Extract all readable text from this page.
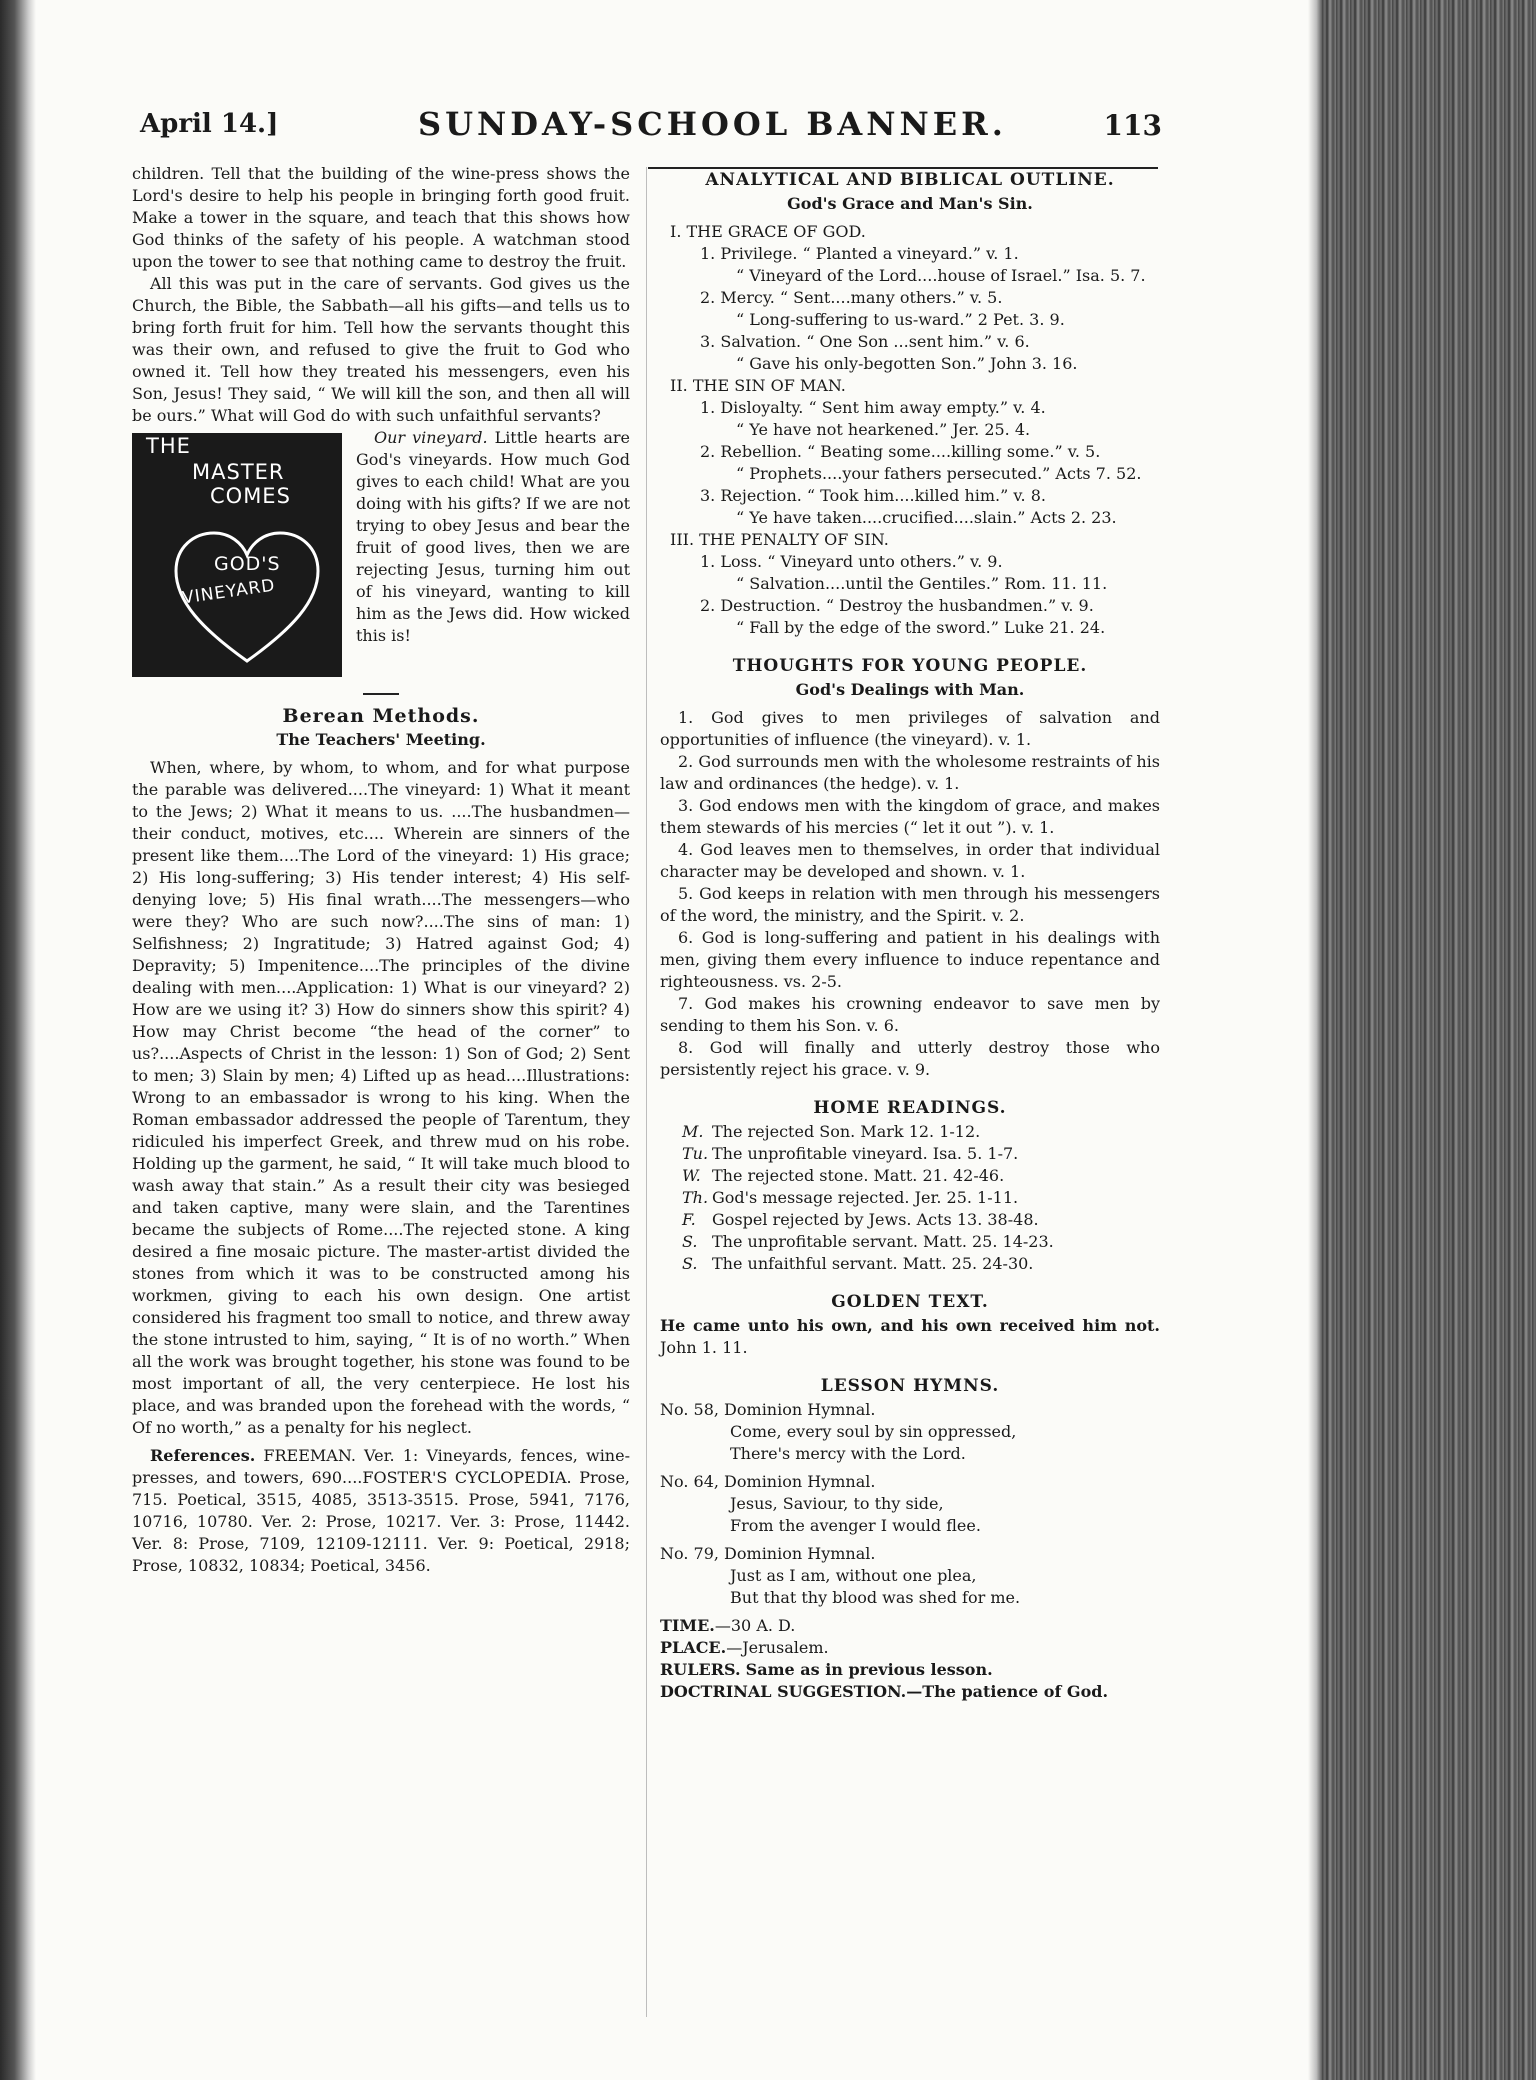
April 14.]	SUNDAY-SCHOOL BANNER.	113

children. Tell that the building of the wine-press shows the Lord's desire to help his people in bringing forth good fruit. Make a tower in the square, and teach that this shows how God thinks of the safety of his people. A watchman stood upon the tower to see that nothing came to destroy the fruit.

All this was put in the care of servants. God gives us the Church, the Bible, the Sabbath—all his gifts—and tells us to bring forth fruit for him. Tell how the servants thought this was their own, and refused to give the fruit to God who owned it. Tell how they treated his messengers, even his Son, Jesus! They said, “ We will kill the son, and then all will be ours.” What will God do with such unfaithful servants?

THE
MASTER
COMES
GOD'S
VINEYARD

Our vineyard. Little hearts are God's vineyards. How much God gives to each child! What are you doing with his gifts? If we are not trying to obey Jesus and bear the fruit of good lives, then we are rejecting Jesus, turning him out of his vineyard, wanting to kill him as the Jews did. How wicked this is!

Berean Methods.
The Teachers' Meeting.

When, where, by whom, to whom, and for what purpose the parable was delivered....The vineyard: 1) What it meant to the Jews; 2) What it means to us. ....The husbandmen—their conduct, motives, etc.... Wherein are sinners of the present like them....The Lord of the vineyard: 1) His grace; 2) His long-suffering; 3) His tender interest; 4) His self-denying love; 5) His final wrath....The messengers—who were they? Who are such now?....The sins of man: 1) Selfishness; 2) Ingratitude; 3) Hatred against God; 4) Depravity; 5) Impenitence....The principles of the divine dealing with men....Application: 1) What is our vineyard? 2) How are we using it? 3) How do sinners show this spirit? 4) How may Christ become “the head of the corner” to us?....Aspects of Christ in the lesson: 1) Son of God; 2) Sent to men; 3) Slain by men; 4) Lifted up as head....Illustrations: Wrong to an embassador is wrong to his king. When the Roman embassador addressed the people of Tarentum, they ridiculed his imperfect Greek, and threw mud on his robe. Holding up the garment, he said, “ It will take much blood to wash away that stain.” As a result their city was besieged and taken captive, many were slain, and the Tarentines became the subjects of Rome....The rejected stone. A king desired a fine mosaic picture. The master-artist divided the stones from which it was to be constructed among his workmen, giving to each his own design. One artist considered his fragment too small to notice, and threw away the stone intrusted to him, saying, “ It is of no worth.” When all the work was brought together, his stone was found to be most important of all, the very centerpiece. He lost his place, and was branded upon the forehead with the words, “ Of no worth,” as a penalty for his neglect.

References. FREEMAN. Ver. 1: Vineyards, fences, wine-presses, and towers, 690....FOSTER'S CYCLOPEDIA. Prose, 715. Poetical, 3515, 4085, 3513-3515. Prose, 5941, 7176, 10716, 10780. Ver. 2: Prose, 10217. Ver. 3: Prose, 11442. Ver. 8: Prose, 7109, 12109-12111. Ver. 9: Poetical, 2918; Prose, 10832, 10834; Poetical, 3456.

ANALYTICAL AND BIBLICAL OUTLINE.
God's Grace and Man's Sin.
I. THE GRACE OF GOD.
1. Privilege. “ Planted a vineyard.” v. 1.
“ Vineyard of the Lord....house of Israel.” Isa. 5. 7.
2. Mercy. “ Sent....many others.” v. 5.
“ Long-suffering to us-ward.” 2 Pet. 3. 9.
3. Salvation. “ One Son ...sent him.” v. 6.
“ Gave his only-begotten Son.” John 3. 16.
II. THE SIN OF MAN.
1. Disloyalty. “ Sent him away empty.” v. 4.
“ Ye have not hearkened.” Jer. 25. 4.
2. Rebellion. “ Beating some....killing some.” v. 5.
“ Prophets....your fathers persecuted.” Acts 7. 52.
3. Rejection. “ Took him....killed him.” v. 8.
“ Ye have taken....crucified....slain.” Acts 2. 23.
III. THE PENALTY OF SIN.
1. Loss. “ Vineyard unto others.” v. 9.
“ Salvation....until the Gentiles.” Rom. 11. 11.
2. Destruction. “ Destroy the husbandmen.” v. 9.
“ Fall by the edge of the sword.” Luke 21. 24.
THOUGHTS FOR YOUNG PEOPLE.
God's Dealings with Man.

1. God gives to men privileges of salvation and opportunities of influence (the vineyard). v. 1.

2. God surrounds men with the wholesome restraints of his law and ordinances (the hedge). v. 1.

3. God endows men with the kingdom of grace, and makes them stewards of his mercies (“ let it out ”). v. 1.

4. God leaves men to themselves, in order that individual character may be developed and shown. v. 1.

5. God keeps in relation with men through his messengers of the word, the ministry, and the Spirit. v. 2.

6. God is long-suffering and patient in his dealings with men, giving them every influence to induce repentance and righteousness. vs. 2-5.

7. God makes his crowning endeavor to save men by sending to them his Son. v. 6.

8. God will finally and utterly destroy those who persistently reject his grace. v. 9.

HOME READINGS.
M. The rejected Son. Mark 12. 1-12.
Tu. The unprofitable vineyard. Isa. 5. 1-7.
W. The rejected stone. Matt. 21. 42-46.
Th. God's message rejected. Jer. 25. 1-11.
F. Gospel rejected by Jews. Acts 13. 38-48.
S. The unprofitable servant. Matt. 25. 14-23.
S. The unfaithful servant. Matt. 25. 24-30.
GOLDEN TEXT.

He came unto his own, and his own received him not. John 1. 11.

LESSON HYMNS.
No. 58, Dominion Hymnal.
Come, every soul by sin oppressed,
There's mercy with the Lord.
No. 64, Dominion Hymnal.
Jesus, Saviour, to thy side,
From the avenger I would flee.
No. 79, Dominion Hymnal.
Just as I am, without one plea,
But that thy blood was shed for me.

TIME.—30 A. D.

PLACE.—Jerusalem.

RULERS. Same as in previous lesson.

DOCTRINAL SUGGESTION.—The patience of God.
